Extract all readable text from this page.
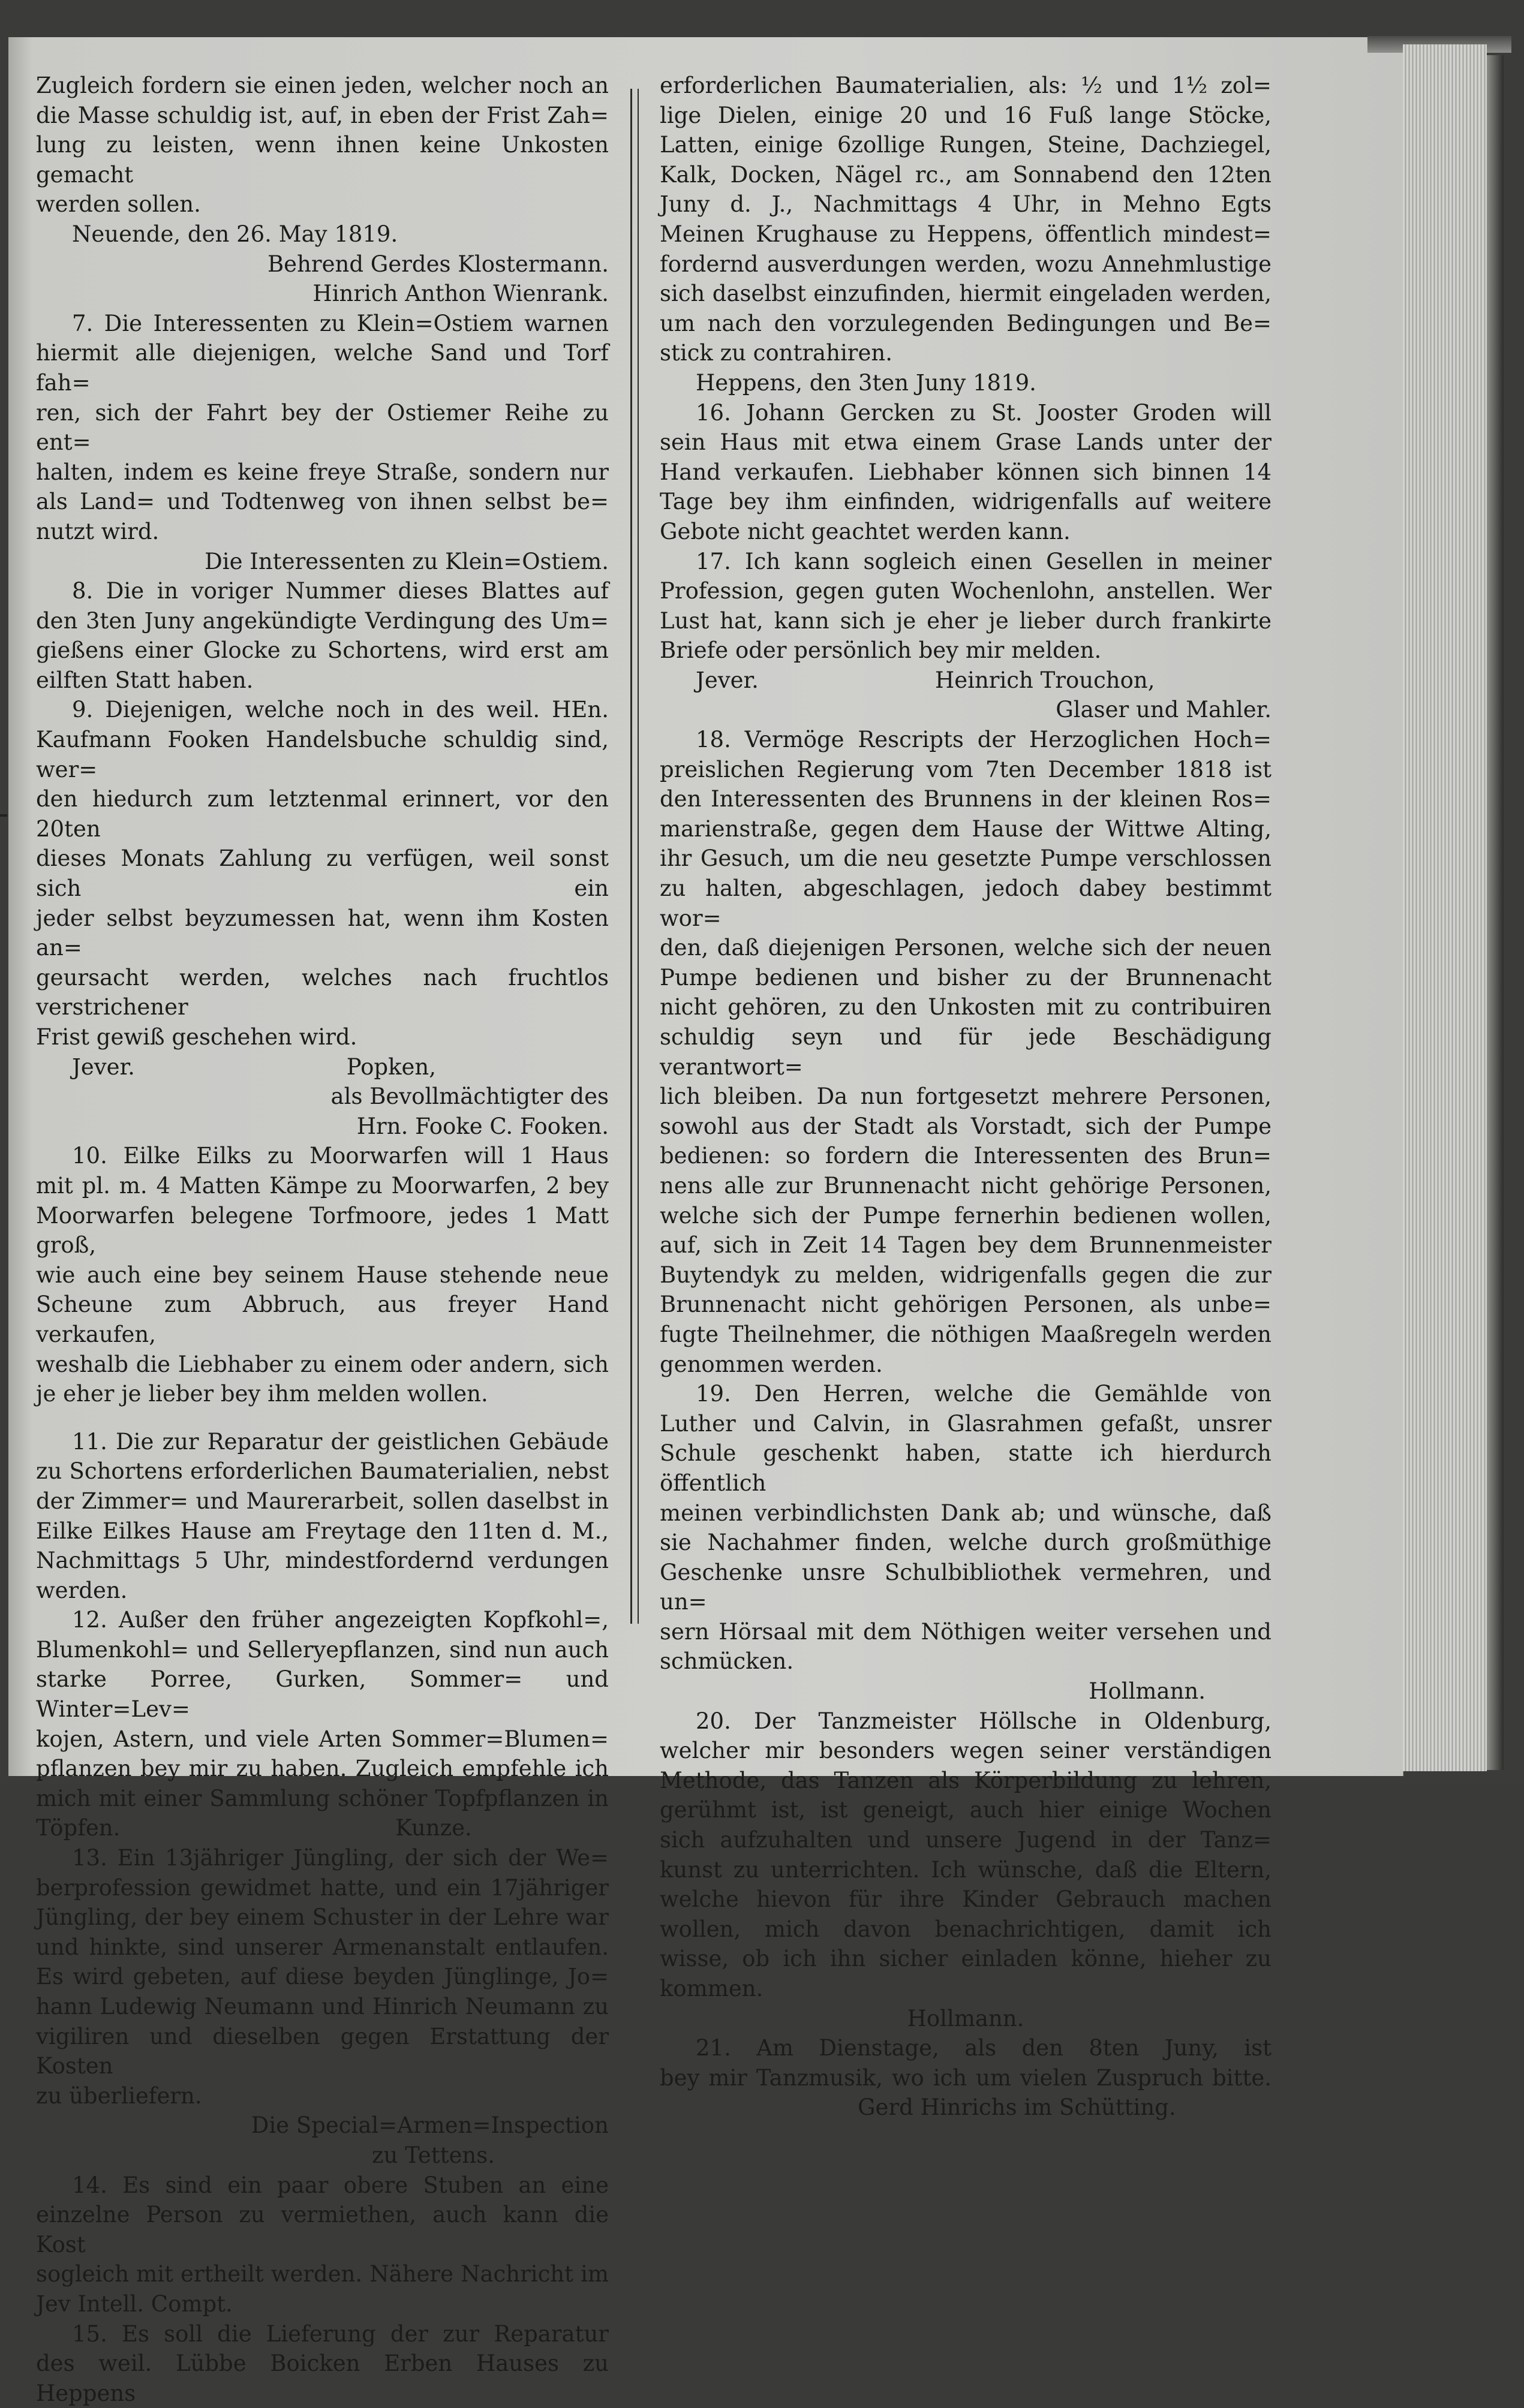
Zugleich fordern sie einen jeden, welcher noch an
die Masse schuldig ist, auf, in eben der Frist Zah=
lung zu leisten, wenn ihnen keine Unkosten gemacht
werden sollen.
Neuende, den 26. May 1819.
Behrend Gerdes Klostermann.
Hinrich Anthon Wienrank.
7. Die Interessenten zu Klein=Ostiem warnen
hiermit alle diejenigen, welche Sand und Torf fah=
ren, sich der Fahrt bey der Ostiemer Reihe zu ent=
halten, indem es keine freye Straße, sondern nur
als Land= und Todtenweg von ihnen selbst be=
nutzt wird.
Die Interessenten zu Klein=Ostiem.
8. Die in voriger Nummer dieses Blattes auf
den 3ten Juny angekündigte Verdingung des Um=
gießens einer Glocke zu Schortens, wird erst am
eilften Statt haben.
9. Diejenigen, welche noch in des weil. HEn.
Kaufmann Fooken Handelsbuche schuldig sind, wer=
den hiedurch zum letztenmal erinnert, vor den 20ten
dieses Monats Zahlung zu verfügen, weil sonst sich ein
jeder selbst beyzumessen hat, wenn ihm Kosten an=
geursacht werden, welches nach fruchtlos verstrichener
Frist gewiß geschehen wird.
Jever.                              Popken,
als Bevollmächtigter des
Hrn. Fooke C. Fooken.
10. Eilke Eilks zu Moorwarfen will 1 Haus
mit pl. m. 4 Matten Kämpe zu Moorwarfen, 2 bey
Moorwarfen belegene Torfmoore, jedes 1 Matt groß,
wie auch eine bey seinem Hause stehende neue
Scheune zum Abbruch, aus freyer Hand verkaufen,
weshalb die Liebhaber zu einem oder andern, sich
je eher je lieber bey ihm melden wollen.
11. Die zur Reparatur der geistlichen Gebäude
zu Schortens erforderlichen Baumaterialien, nebst
der Zimmer= und Maurerarbeit, sollen daselbst in
Eilke Eilkes Hause am Freytage den 11ten d. M.,
Nachmittags 5 Uhr, mindestfordernd verdungen
werden.
12. Außer den früher angezeigten Kopfkohl=,
Blumenkohl= und Selleryepflanzen, sind nun auch
starke Porree, Gurken, Sommer= und Winter=Lev=
kojen, Astern, und viele Arten Sommer=Blumen=
pflanzen bey mir zu haben. Zugleich empfehle ich
mich mit einer Sammlung schöner Topfpflanzen in
Töpfen.                                       Kunze.
13. Ein 13jähriger Jüngling, der sich der We=
berprofession gewidmet hatte, und ein 17jähriger
Jüngling, der bey einem Schuster in der Lehre war
und hinkte, sind unserer Armenanstalt entlaufen.
Es wird gebeten, auf diese beyden Jünglinge, Jo=
hann Ludewig Neumann und Hinrich Neumann zu
vigiliren und dieselben gegen Erstattung der Kosten
zu überliefern.
Die Special=Armen=Inspection
zu Tettens.
14. Es sind ein paar obere Stuben an eine
einzelne Person zu vermiethen, auch kann die Kost
sogleich mit ertheilt werden. Nähere Nachricht im
Jev Intell. Compt.
15. Es soll die Lieferung der zur Reparatur
des weil. Lübbe Boicken Erben Hauses zu Heppens
erforderlichen Baumaterialien, als: ½ und 1½ zol=
lige Dielen, einige 20 und 16 Fuß lange Stöcke,
Latten, einige 6zollige Rungen, Steine, Dachziegel,
Kalk, Docken, Nägel rc., am Sonnabend den 12ten
Juny d. J., Nachmittags 4 Uhr, in Mehno Egts
Meinen Krughause zu Heppens, öffentlich mindest=
fordernd ausverdungen werden, wozu Annehmlustige
sich daselbst einzufinden, hiermit eingeladen werden,
um nach den vorzulegenden Bedingungen und Be=
stick zu contrahiren.
Heppens, den 3ten Juny 1819.
16. Johann Gercken zu St. Jooster Groden will
sein Haus mit etwa einem Grase Lands unter der
Hand verkaufen. Liebhaber können sich binnen 14
Tage bey ihm einfinden, widrigenfalls auf weitere
Gebote nicht geachtet werden kann.
17. Ich kann sogleich einen Gesellen in meiner
Profession, gegen guten Wochenlohn, anstellen. Wer
Lust hat, kann sich je eher je lieber durch frankirte
Briefe oder persönlich bey mir melden.
Jever.                         Heinrich Trouchon,
Glaser und Mahler.
18. Vermöge Rescripts der Herzoglichen Hoch=
preislichen Regierung vom 7ten December 1818 ist
den Interessenten des Brunnens in der kleinen Ros=
marienstraße, gegen dem Hause der Wittwe Alting,
ihr Gesuch, um die neu gesetzte Pumpe verschlossen
zu halten, abgeschlagen, jedoch dabey bestimmt wor=
den, daß diejenigen Personen, welche sich der neuen
Pumpe bedienen und bisher zu der Brunnenacht
nicht gehören, zu den Unkosten mit zu contribuiren
schuldig seyn und für jede Beschädigung verantwort=
lich bleiben. Da nun fortgesetzt mehrere Personen,
sowohl aus der Stadt als Vorstadt, sich der Pumpe
bedienen: so fordern die Interessenten des Brun=
nens alle zur Brunnenacht nicht gehörige Personen,
welche sich der Pumpe fernerhin bedienen wollen,
auf, sich in Zeit 14 Tagen bey dem Brunnenmeister
Buytendyk zu melden, widrigenfalls gegen die zur
Brunnenacht nicht gehörigen Personen, als unbe=
fugte Theilnehmer, die nöthigen Maaßregeln werden
genommen werden.
19. Den Herren, welche die Gemählde von
Luther und Calvin, in Glasrahmen gefaßt, unsrer
Schule geschenkt haben, statte ich hierdurch öffentlich
meinen verbindlichsten Dank ab; und wünsche, daß
sie Nachahmer finden, welche durch großmüthige
Geschenke unsre Schulbibliothek vermehren, und un=
sern Hörsaal mit dem Nöthigen weiter versehen und
schmücken.
Hollmann.
20. Der Tanzmeister Höllsche in Oldenburg,
welcher mir besonders wegen seiner verständigen
Methode, das Tanzen als Körperbildung zu lehren,
gerühmt ist, ist geneigt, auch hier einige Wochen
sich aufzuhalten und unsere Jugend in der Tanz=
kunst zu unterrichten. Ich wünsche, daß die Eltern,
welche hievon für ihre Kinder Gebrauch machen
wollen, mich davon benachrichtigen, damit ich
wisse, ob ich ihn sicher einladen könne, hieher zu
kommen.
Hollmann.
21. Am Dienstage, als den 8ten Juny, ist
bey mir Tanzmusik, wo ich um vielen Zuspruch bitte.
Gerd Hinrichs im Schütting.
